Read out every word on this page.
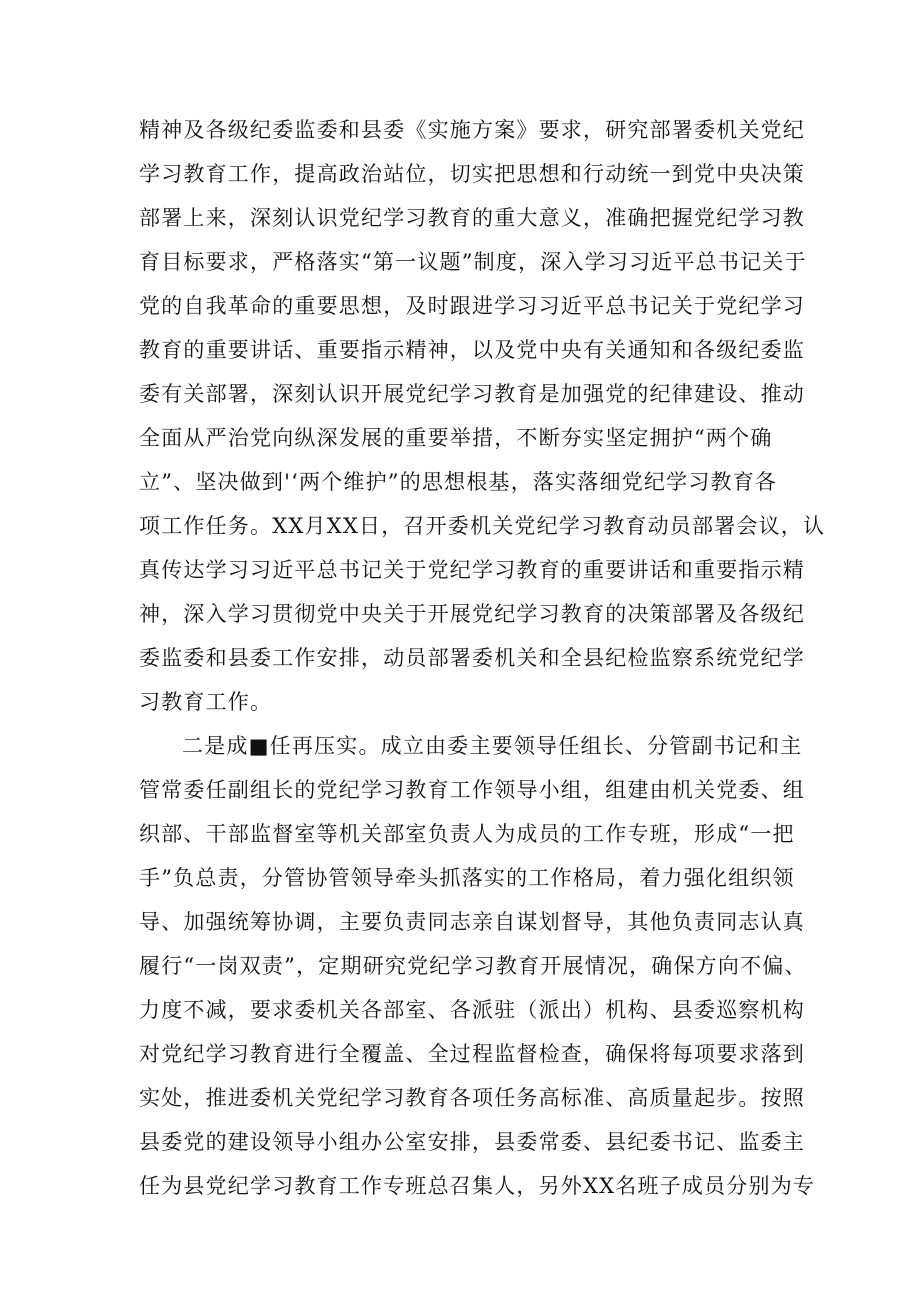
精神及各级纪委监委和县委《实施方案》要求，研究部署委机关党纪
学习教育工作，提高政治站位，切实把思想和行动统一到党中央决策
部署上来，深刻认识党纪学习教育的重大意义，准确把握党纪学习教
育目标要求，严格落实“第一议题”制度，深入学习习近平总书记关于
党的自我革命的重要思想，及时跟进学习习近平总书记关于党纪学习
教育的重要讲话、重要指示精神，以及党中央有关通知和各级纪委监
委有关部署，深刻认识开展党纪学习教育是加强党的纪律建设、推动
全面从严治党向纵深发展的重要举措，不断夯实坚定拥护“两个确
立”、坚决做到'‘两个维护”的思想根基，落实落细党纪学习教育各
项工作任务。XX月XX日，召开委机关党纪学习教育动员部署会议，认
真传达学习习近平总书记关于党纪学习教育的重要讲话和重要指示精
神，深入学习贯彻党中央关于开展党纪学习教育的决策部署及各级纪
委监委和县委工作安排，动员部署委机关和全县纪检监察系统党纪学
习教育工作。
二是成■任再压实。成立由委主要领导任组长、分管副书记和主
管常委任副组长的党纪学习教育工作领导小组，组建由机关党委、组
织部、干部监督室等机关部室负责人为成员的工作专班，形成“一把
手”负总责，分管协管领导牵头抓落实的工作格局，着力强化组织领
导、加强统筹协调，主要负责同志亲自谋划督导，其他负责同志认真
履行“一岗双责”，定期研究党纪学习教育开展情况，确保方向不偏、
力度不减，要求委机关各部室、各派驻（派出）机构、县委巡察机构
对党纪学习教育进行全覆盖、全过程监督检查，确保将每项要求落到
实处，推进委机关党纪学习教育各项任务高标准、高质量起步。按照
县委党的建设领导小组办公室安排，县委常委、县纪委书记、监委主
任为县党纪学习教育工作专班总召集人，另外XX名班子成员分别为专
